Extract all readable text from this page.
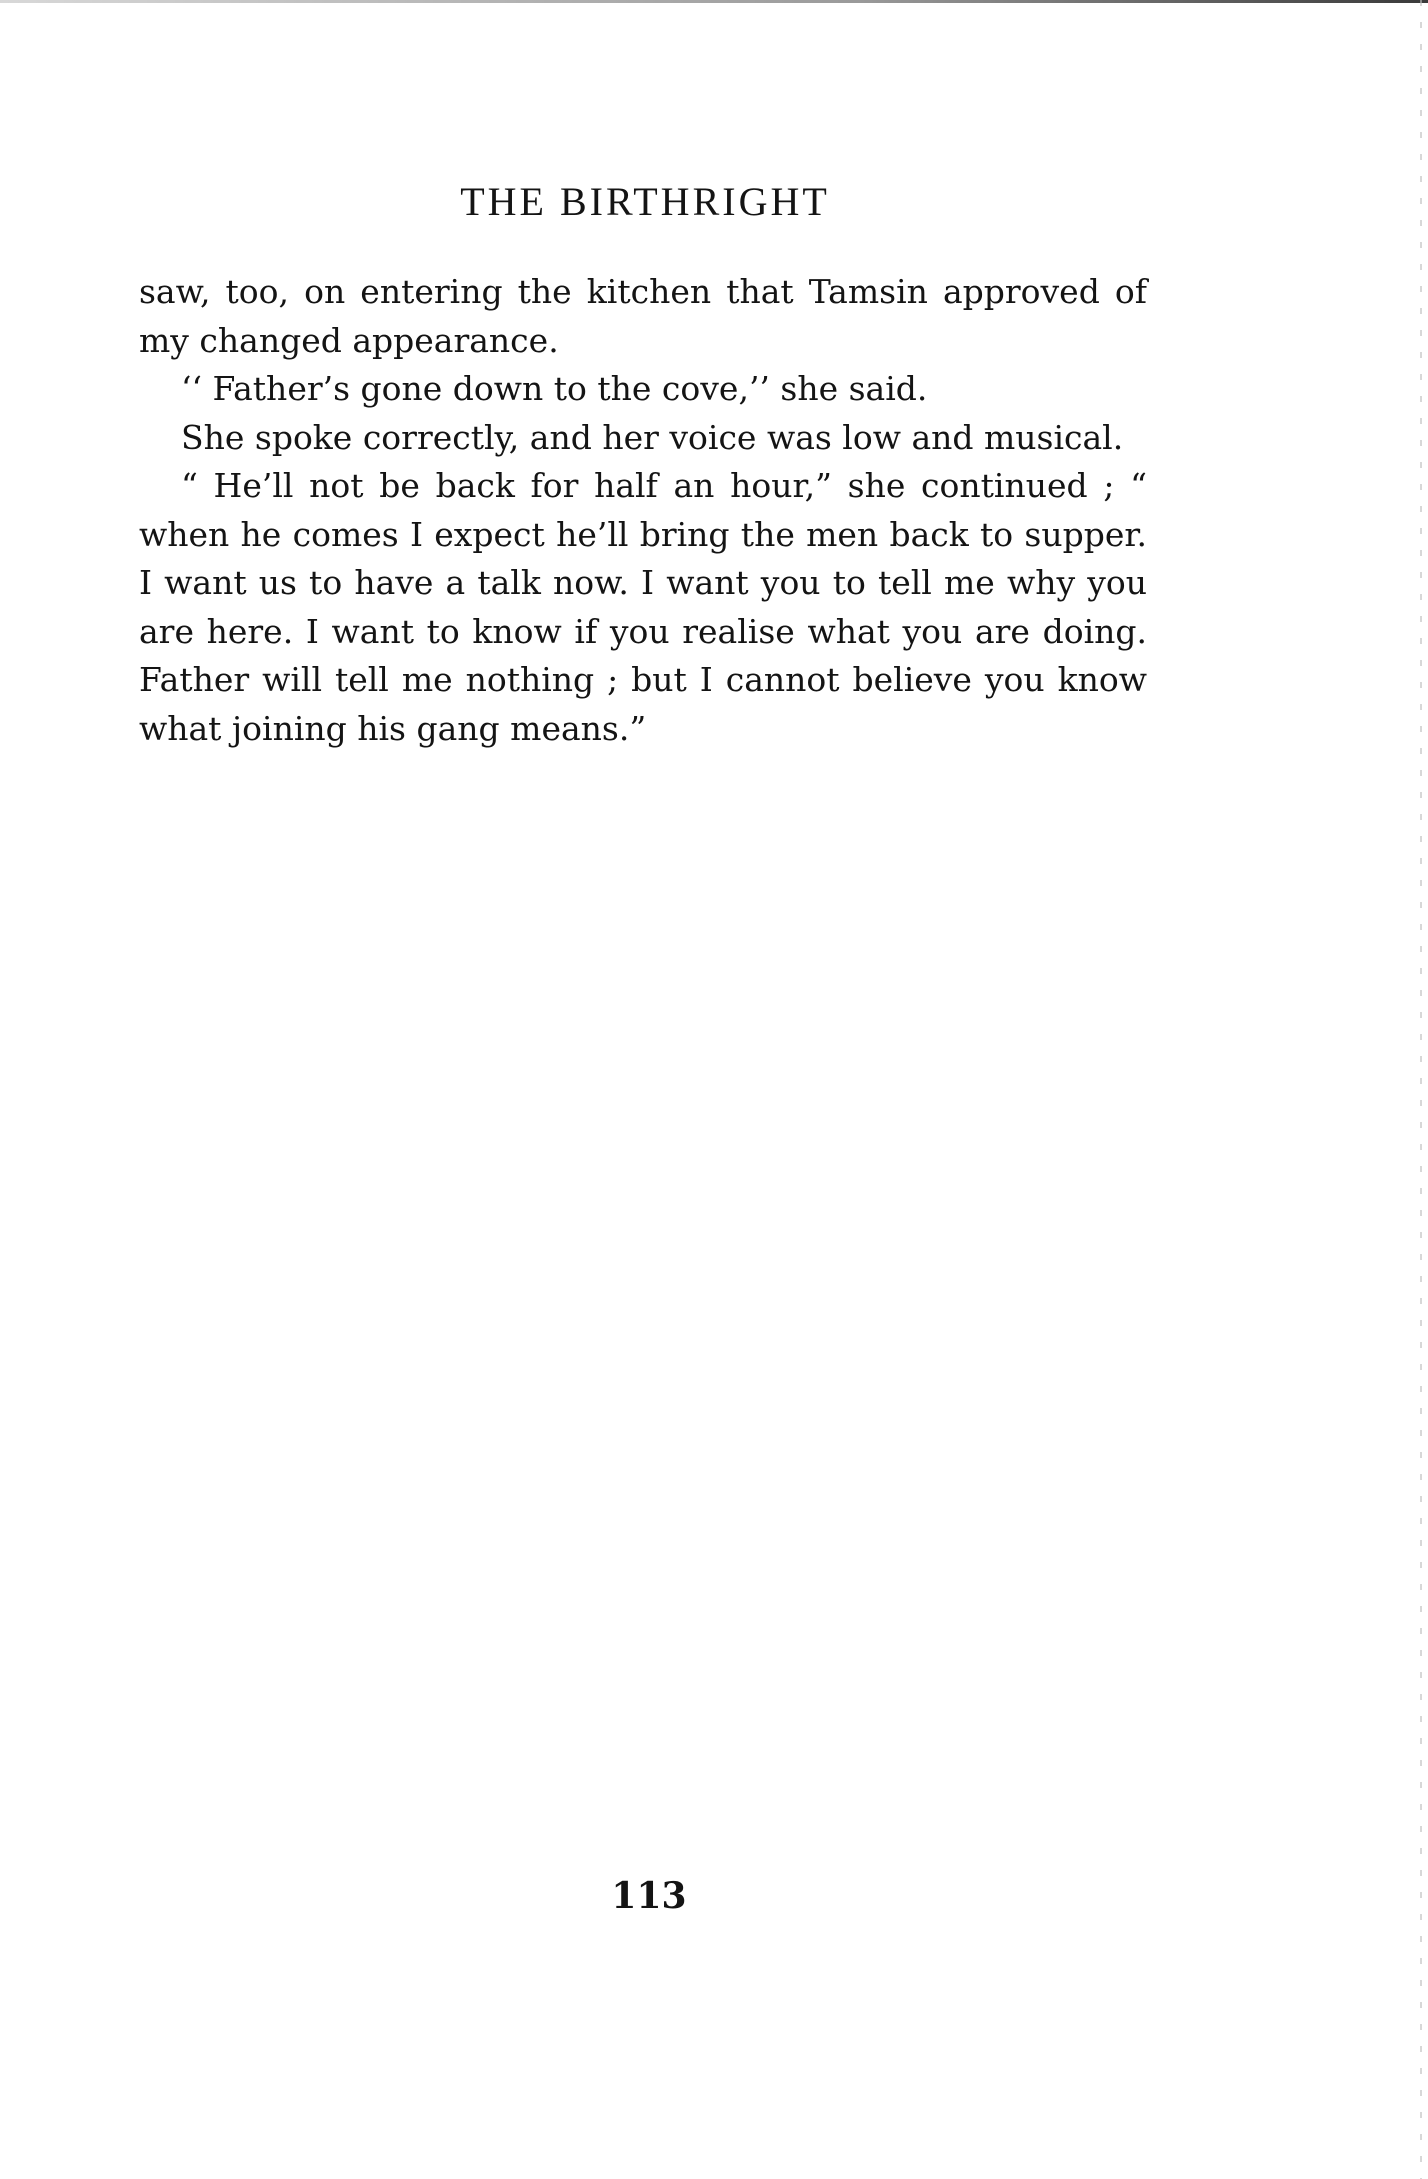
THE BIRTHRIGHT

saw, too, on entering the kitchen that Tamsin approved of my changed appearance.

‘‘ Father’s gone down to the cove,’’ she said.

She spoke correctly, and her voice was low and musical.

“ He’ll not be back for half an hour,” she continued ; “ when he comes I expect he’ll bring the men back to supper. I want us to have a talk now. I want you to tell me why you are here. I want to know if you realise what you are doing. Father will tell me nothing ; but I cannot believe you know what joining his gang means.”

113
